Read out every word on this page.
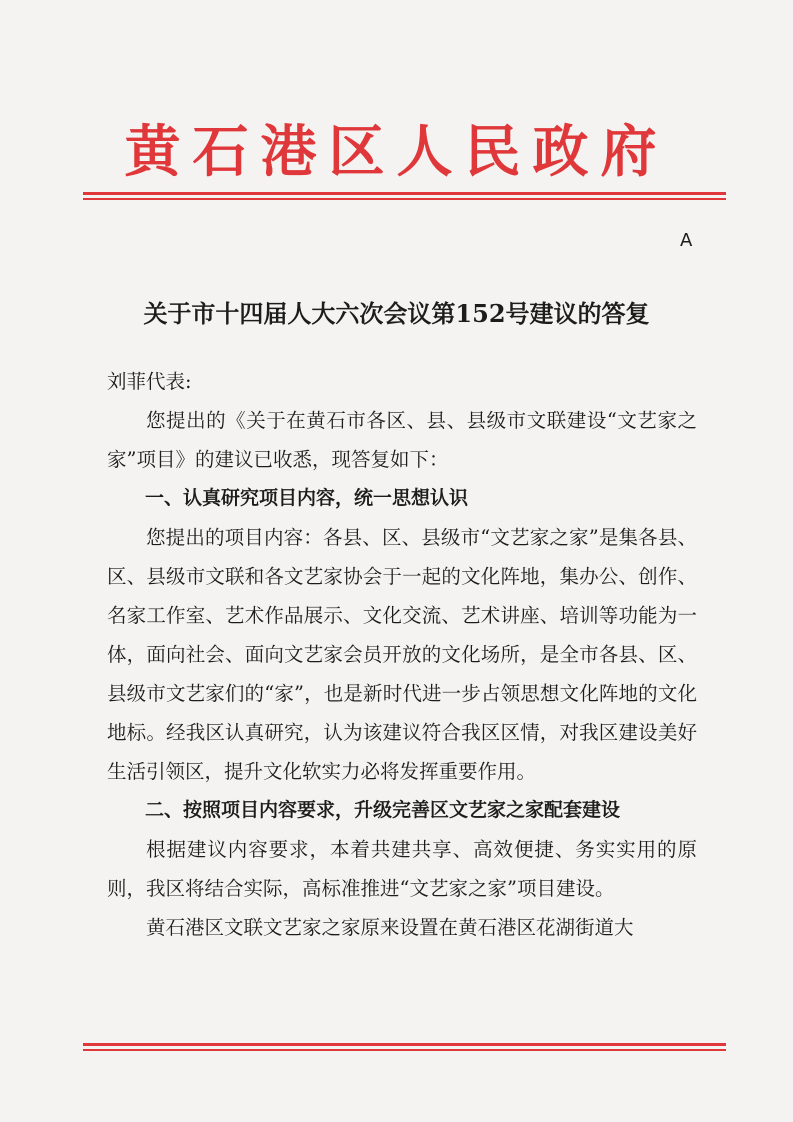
黄石港区人民政府
A
关于市十四届人大六次会议第152号建议的答复

刘菲代表:

您提出的《关于在黄石市各区、县、县级市文联建设“文艺家之家”项目》的建议已收悉，现答复如下：

一、认真研究项目内容，统一思想认识

您提出的项目内容：各县、区、县级市“文艺家之家”是集各县、区、县级市文联和各文艺家协会于一起的文化阵地，集办公、创作、名家工作室、艺术作品展示、文化交流、艺术讲座、培训等功能为一体，面向社会、面向文艺家会员开放的文化场所，是全市各县、区、县级市文艺家们的“家”，也是新时代进一步占领思想文化阵地的文化地标。经我区认真研究，认为该建议符合我区区情，对我区建设美好生活引领区，提升文化软实力必将发挥重要作用。

二、按照项目内容要求，升级完善区文艺家之家配套建设

根据建议内容要求，本着共建共享、高效便捷、务实实用的原则，我区将结合实际，高标准推进“文艺家之家”项目建设。

黄石港区文联文艺家之家原来设置在黄石港区花湖街道大
